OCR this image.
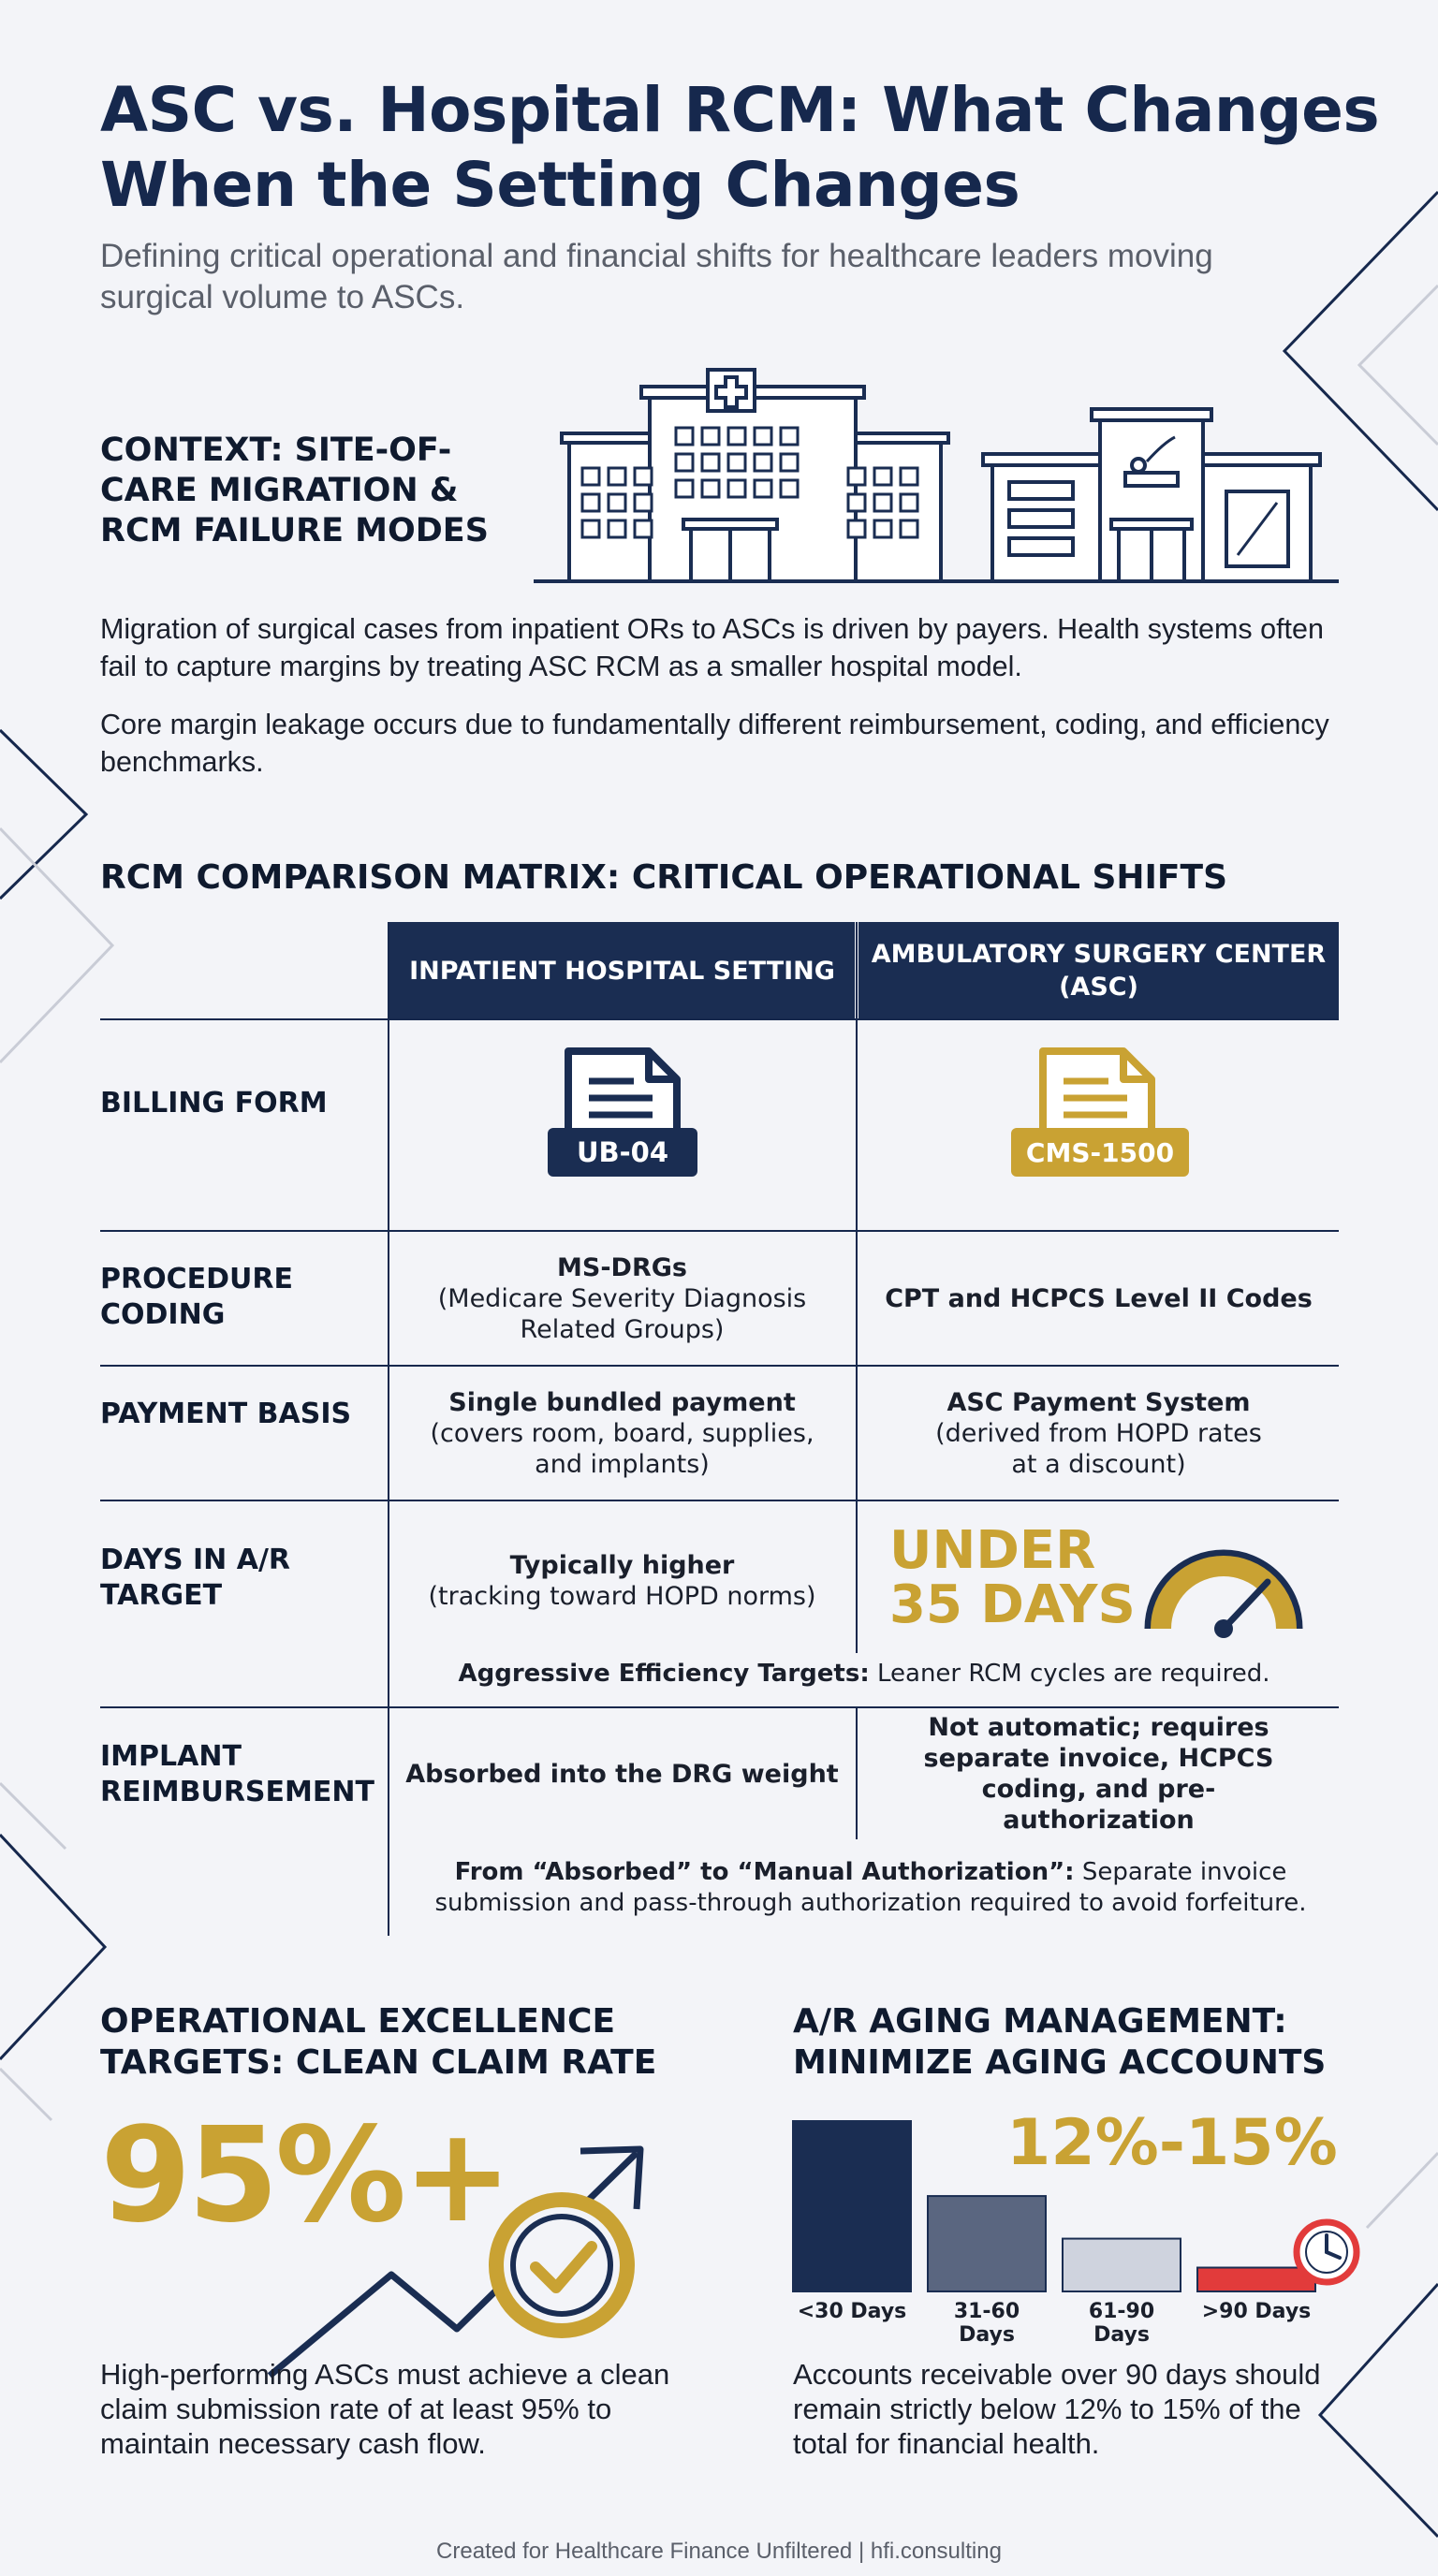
ASC vs. Hospital RCM: What Changes When the Setting Changes

Defining critical operational and financial shifts for healthcare leaders moving surgical volume to ASCs.

CONTEXT: SITE-OF-CARE MIGRATION & RCM FAILURE MODES

Migration of surgical cases from inpatient ORs to ASCs is driven by payers. Health systems often fail to capture margins by treating ASC RCM as a smaller hospital model.

Core margin leakage occurs due to fundamentally different reimbursement, coding, and efficiency benchmarks.

RCM COMPARISON MATRIX: CRITICAL OPERATIONAL SHIFTS
INPATIENT HOSPITAL SETTING
AMBULATORY SURGERY CENTER (ASC)
BILLING FORM
PROCEDURE CODING
PAYMENT BASIS
DAYS IN A/R TARGET
IMPLANT REIMBURSEMENT
UB-04	CMS-1500
MS-DRGs
(Medicare Severity Diagnosis Related Groups)
CPT and HCPCS Level II Codes
Single bundled payment
(covers room, board, supplies, and implants)
ASC Payment System
(derived from HOPD rates at a discount)
Typically higher
(tracking toward HOPD norms)
UNDER
35 DAYS
Aggressive Efficiency Targets: Leaner RCM cycles are required.
Absorbed into the DRG weight
Not automatic; requires separate invoice, HCPCS coding, and pre-authorization
From “Absorbed” to “Manual Authorization”: Separate invoice submission and pass-through authorization required to avoid forfeiture.
OPERATIONAL EXCELLENCE TARGETS: CLEAN CLAIM RATE
95%+

High-performing ASCs must achieve a clean claim submission rate of at least 95% to maintain necessary cash flow.

A/R AGING MANAGEMENT: MINIMIZE AGING ACCOUNTS
12%-15%
<30 Days	31-60 Days
61-90 Days
>90 Days

Accounts receivable over 90 days should remain strictly below 12% to 15% of the total for financial health.

Created for Healthcare Finance Unfiltered | hfi.consulting
